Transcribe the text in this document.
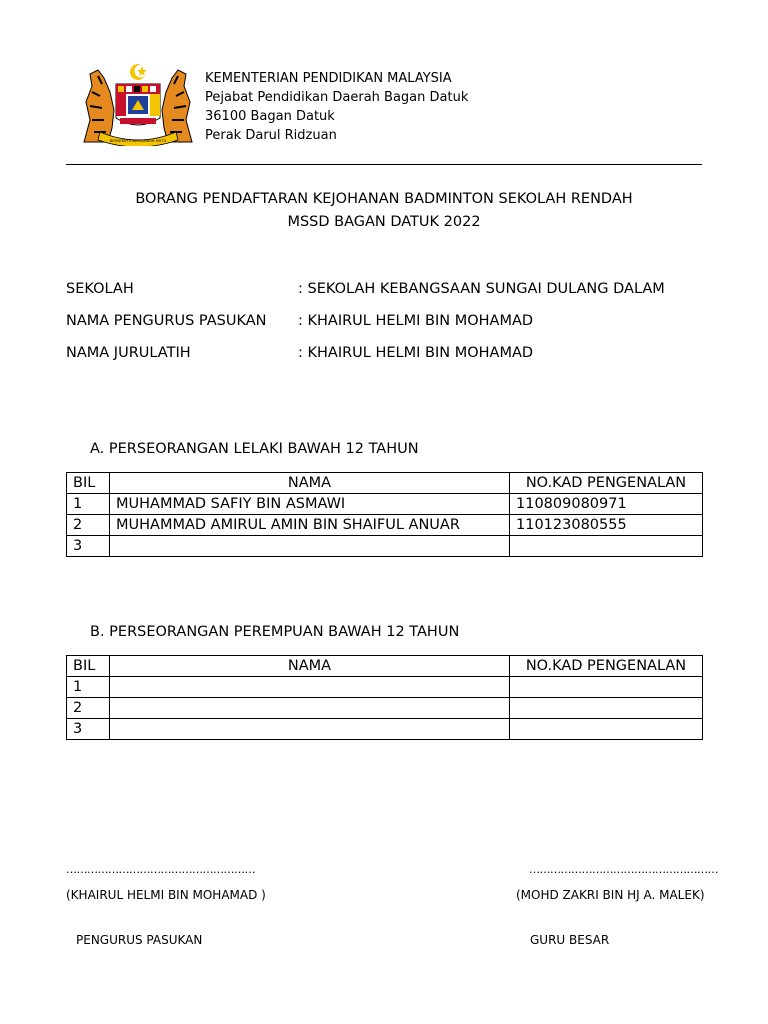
BERSEKUTU BERTAMBAH MUTU
KEMENTERIAN PENDIDIKAN MALAYSIA
Pejabat Pendidikan Daerah Bagan Datuk
36100 Bagan Datuk
Perak Darul Ridzuan
BORANG PENDAFTARAN KEJOHANAN BADMINTON SEKOLAH RENDAH
MSSD BAGAN DATUK 2022
SEKOLAH	: SEKOLAH KEBANGSAAN SUNGAI DULANG DALAM
NAMA PENGURUS PASUKAN : KHAIRUL HELMI BIN MOHAMAD
NAMA JURULATIH	: KHAIRUL HELMI BIN MOHAMAD
A. PERSEORANGAN LELAKI BAWAH 12 TAHUN
BIL	NAMA	NO.KAD PENGENALAN
1	MUHAMMAD SAFIY BIN ASMAWI	110809080971
2	MUHAMMAD AMIRUL AMIN BIN SHAIFUL ANUAR	110123080555
3		
B. PERSEORANGAN PEREMPUAN BAWAH 12 TAHUN
BIL	NAMA	NO.KAD PENGENALAN
1		
2		
3		
………………………………………………	………………………………………………
(KHAIRUL HELMI BIN MOHAMAD )	(MOHD ZAKRI BIN HJ A. MALEK)
PENGURUS PASUKAN	GURU BESAR
